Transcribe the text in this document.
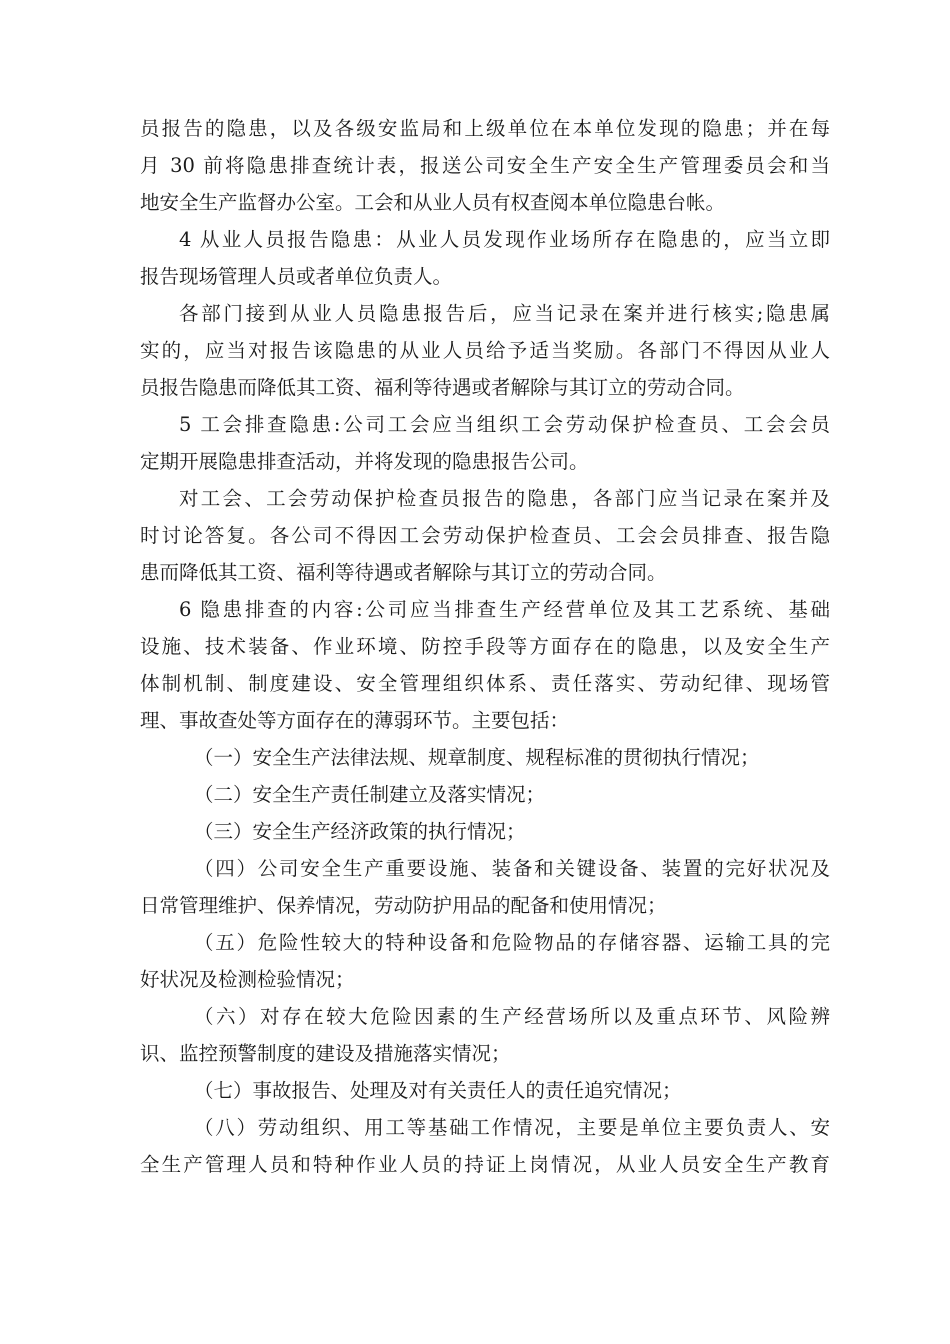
员报告的隐患，以及各级安监局和上级单位在本单位发现的隐患；并在每
月 30 前将隐患排查统计表，报送公司安全生产安全生产管理委员会和当
地安全生产监督办公室。工会和从业人员有权查阅本单位隐患台帐。
4 从业人员报告隐患：从业人员发现作业场所存在隐患的，应当立即
报告现场管理人员或者单位负责人。
各部门接到从业人员隐患报告后，应当记录在案并进行核实;隐患属
实的，应当对报告该隐患的从业人员给予适当奖励。各部门不得因从业人
员报告隐患而降低其工资、福利等待遇或者解除与其订立的劳动合同。
5 工会排查隐患:公司工会应当组织工会劳动保护检查员、工会会员
定期开展隐患排查活动，并将发现的隐患报告公司。
对工会、工会劳动保护检查员报告的隐患，各部门应当记录在案并及
时讨论答复。各公司不得因工会劳动保护检查员、工会会员排查、报告隐
患而降低其工资、福利等待遇或者解除与其订立的劳动合同。
6 隐患排查的内容:公司应当排查生产经营单位及其工艺系统、基础
设施、技术装备、作业环境、防控手段等方面存在的隐患，以及安全生产
体制机制、制度建设、安全管理组织体系、责任落实、劳动纪律、现场管
理、事故查处等方面存在的薄弱环节。主要包括：
（一）安全生产法律法规、规章制度、规程标准的贯彻执行情况；
（二）安全生产责任制建立及落实情况；
（三）安全生产经济政策的执行情况；
（四）公司安全生产重要设施、装备和关键设备、装置的完好状况及
日常管理维护、保养情况，劳动防护用品的配备和使用情况；
（五）危险性较大的特种设备和危险物品的存储容器、运输工具的完
好状况及检测检验情况；
（六）对存在较大危险因素的生产经营场所以及重点环节、风险辨
识、监控预警制度的建设及措施落实情况；
（七）事故报告、处理及对有关责任人的责任追究情况；
（八）劳动组织、用工等基础工作情况，主要是单位主要负责人、安
全生产管理人员和特种作业人员的持证上岗情况，从业人员安全生产教育
